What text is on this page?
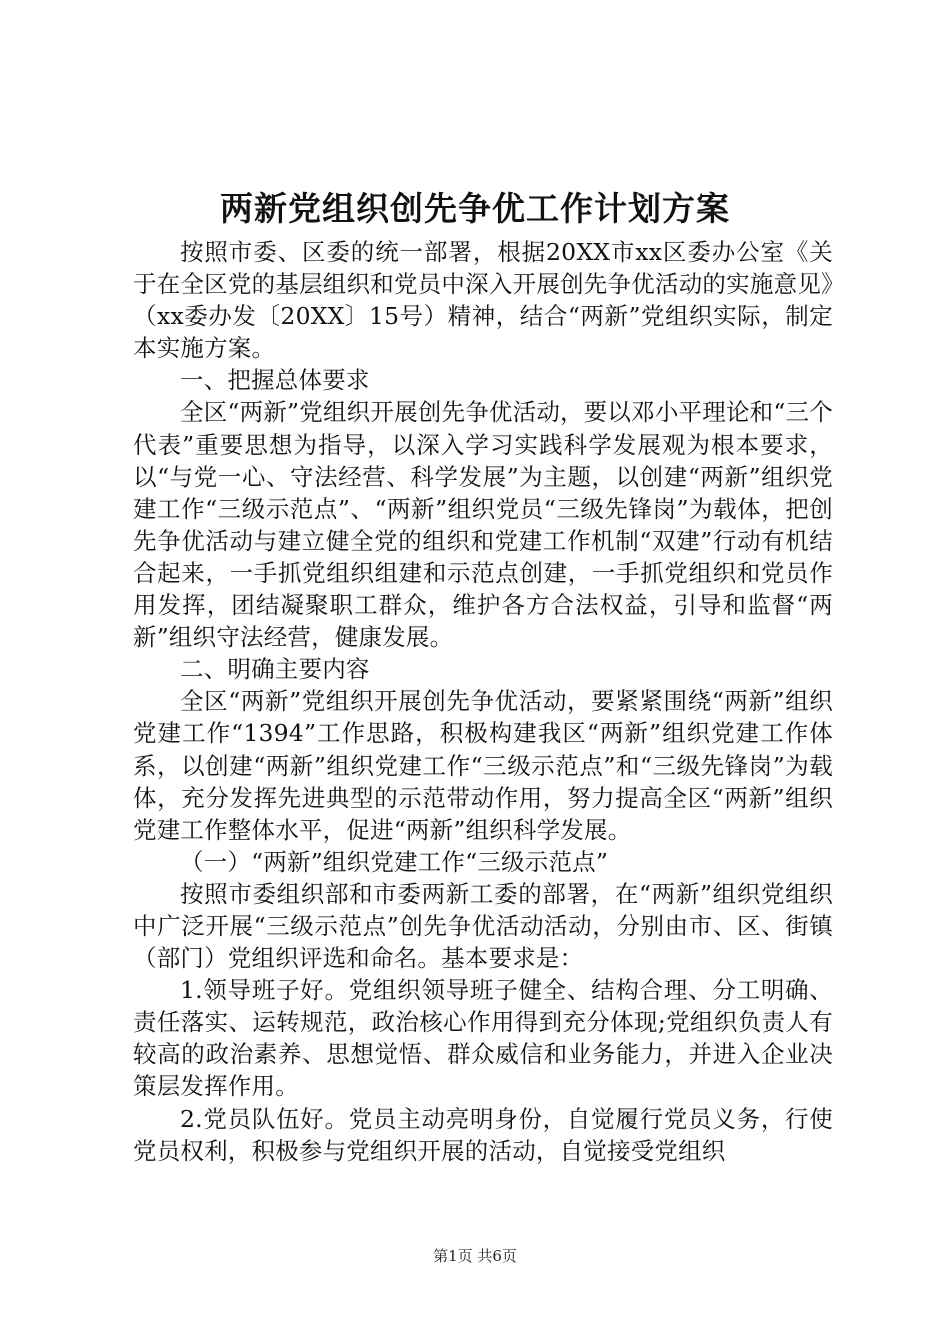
两新党组织创先争优工作计划方案

按照市委、区委的统一部署，根据20XX市xx区委办公室《关于在全区党的基层组织和党员中深入开展创先争优活动的实施意见》（xx委办发〔20XX〕15号）精神，结合“两新”党组织实际，制定本实施方案。

一、把握总体要求

全区“两新”党组织开展创先争优活动，要以邓小平理论和“三个代表”重要思想为指导，以深入学习实践科学发展观为根本要求，以“与党一心、守法经营、科学发展”为主题，以创建“两新”组织党建工作“三级示范点”、“两新”组织党员“三级先锋岗”为载体，把创先争优活动与建立健全党的组织和党建工作机制“双建”行动有机结合起来，一手抓党组织组建和示范点创建，一手抓党组织和党员作用发挥，团结凝聚职工群众，维护各方合法权益，引导和监督“两新”组织守法经营，健康发展。

二、明确主要内容

全区“两新”党组织开展创先争优活动，要紧紧围绕“两新”组织党建工作“1394”工作思路，积极构建我区“两新”组织党建工作体系，以创建“两新”组织党建工作“三级示范点”和“三级先锋岗”为载体，充分发挥先进典型的示范带动作用，努力提高全区“两新”组织党建工作整体水平，促进“两新”组织科学发展。

（一）“两新”组织党建工作“三级示范点”

按照市委组织部和市委两新工委的部署，在“两新”组织党组织中广泛开展“三级示范点”创先争优活动活动，分别由市、区、街镇（部门）党组织评选和命名。基本要求是：

1.领导班子好。党组织领导班子健全、结构合理、分工明确、责任落实、运转规范，政治核心作用得到充分体现;党组织负责人有较高的政治素养、思想觉悟、群众威信和业务能力，并进入企业决策层发挥作用。

2.党员队伍好。党员主动亮明身份，自觉履行党员义务，行使党员权利，积极参与党组织开展的活动，自觉接受党组织

第1页 共6页
